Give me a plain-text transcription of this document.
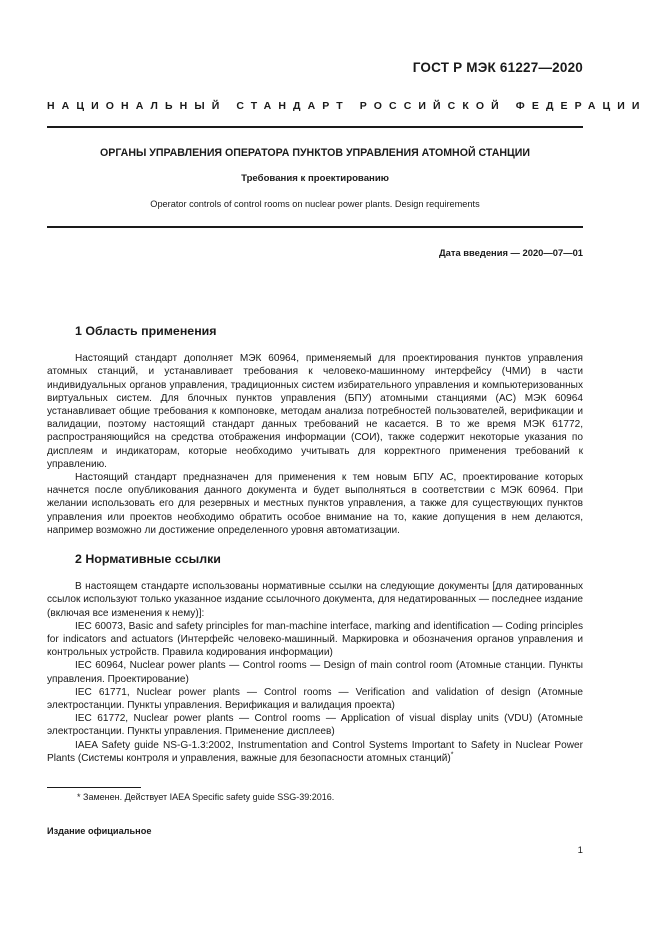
ГОСТ Р МЭК 61227—2020
НАЦИОНАЛЬНЫЙ СТАНДАРТ РОССИЙСКОЙ ФЕДЕРАЦИИ
ОРГАНЫ УПРАВЛЕНИЯ ОПЕРАТОРА ПУНКТОВ УПРАВЛЕНИЯ АТОМНОЙ СТАНЦИИ
Требования к проектированию
Operator controls of control rooms on nuclear power plants. Design requirements
Дата введения — 2020—07—01
1 Область применения

Настоящий стандарт дополняет МЭК 60964, применяемый для проектирования пунктов управления атомных станций, и устанавливает требования к человеко-машинному интерфейсу (ЧМИ) в части индивидуальных органов управления, традиционных систем избирательного управления и компьютеризованных виртуальных систем. Для блочных пунктов управления (БПУ) атомными станциями (АС) МЭК 60964 устанавливает общие требования к компоновке, методам анализа потребностей пользователей, верификации и валидации, поэтому настоящий стандарт данных требований не касается. В то же время МЭК 61772, распространяющийся на средства отображения информации (СОИ), также содержит некоторые указания по дисплеям и индикаторам, которые необходимо учитывать для корректного применения требований к управлению.

Настоящий стандарт предназначен для применения к тем новым БПУ АС, проектирование которых начнется после опубликования данного документа и будет выполняться в соответствии с МЭК 60964. При желании использовать его для резервных и местных пунктов управления, а также для существующих пунктов управления или проектов необходимо обратить особое внимание на то, какие допущения в нем делаются, например возможно ли достижение определенного уровня автоматизации.

2 Нормативные ссылки

В настоящем стандарте использованы нормативные ссылки на следующие документы [для датированных ссылок используют только указанное издание ссылочного документа, для недатированных — последнее издание (включая все изменения к нему)]:

IEC 60073, Basic and safety principles for man-machine interface, marking and identification — Coding principles for indicators and actuators (Интерфейс человеко-машинный. Маркировка и обозначения органов управления и контрольных устройств. Правила кодирования информации)

IEC 60964, Nuclear power plants — Control rooms — Design of main control room (Атомные станции. Пункты управления. Проектирование)

IEC 61771, Nuclear power plants — Control rooms — Verification and validation of design (Атомные электростанции. Пункты управления. Верификация и валидация проекта)

IEC 61772, Nuclear power plants — Control rooms — Application of visual display units (VDU) (Атомные электростанции. Пункты управления. Применение дисплеев)

IAEA Safety guide NS-G-1.3:2002, Instrumentation and Control Systems Important to Safety in Nuclear Power Plants (Системы контроля и управления, важные для безопасности атомных станций)*

* Заменен. Действует IAEA Specific safety guide SSG-39:2016.
Издание официальное
1
